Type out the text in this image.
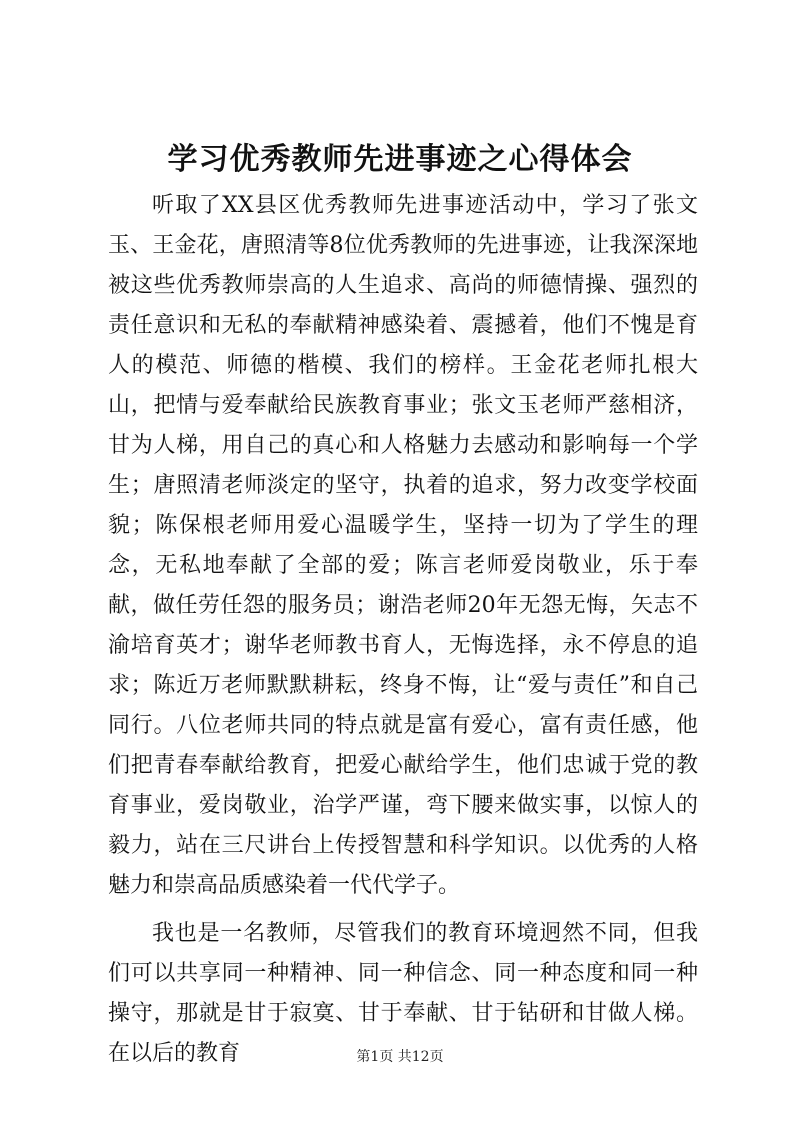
学习优秀教师先进事迹之心得体会

听取了XX县区优秀教师先进事迹活动中，学习了张文玉、王金花，唐照清等8位优秀教师的先进事迹，让我深深地被这些优秀教师崇高的人生追求、高尚的师德情操、强烈的责任意识和无私的奉献精神感染着、震撼着，他们不愧是育人的模范、师德的楷模、我们的榜样。王金花老师扎根大山，把情与爱奉献给民族教育事业；张文玉老师严慈相济，甘为人梯，用自己的真心和人格魅力去感动和影响每一个学生；唐照清老师淡定的坚守，执着的追求，努力改变学校面貌；陈保根老师用爱心温暖学生，坚持一切为了学生的理念，无私地奉献了全部的爱；陈言老师爱岗敬业，乐于奉献，做任劳任怨的服务员；谢浩老师20年无怨无悔，矢志不渝培育英才；谢华老师教书育人，无悔选择，永不停息的追求；陈近万老师默默耕耘，终身不悔，让“爱与责任”和自己同行。八位老师共同的特点就是富有爱心，富有责任感，他们把青春奉献给教育，把爱心献给学生，他们忠诚于党的教育事业，爱岗敬业，治学严谨，弯下腰来做实事，以惊人的毅力，站在三尺讲台上传授智慧和科学知识。以优秀的人格魅力和崇高品质感染着一代代学子。

我也是一名教师，尽管我们的教育环境迥然不同，但我们可以共享同一种精神、同一种信念、同一种态度和同一种操守，那就是甘于寂寞、甘于奉献、甘于钻研和甘做人梯。在以后的教育	第1页 共12页
